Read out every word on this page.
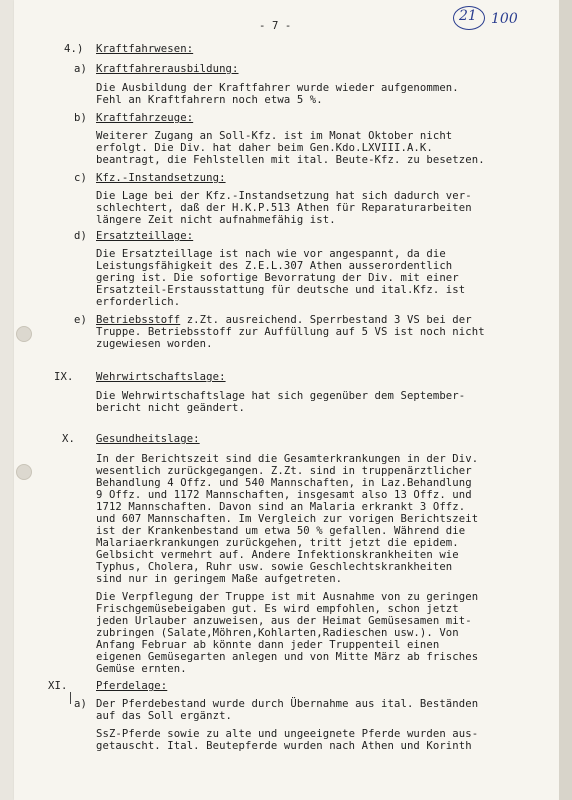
- 7 -
21 100
4.) Kraftfahrwesen:
a) Kraftfahrerausbildung:
Die Ausbildung der Kraftfahrer wurde wieder aufgenommen.
Fehl an Kraftfahrern noch etwa 5 %.
b) Kraftfahrzeuge:
Weiterer Zugang an Soll-Kfz. ist im Monat Oktober nicht
erfolgt. Die Div. hat daher beim Gen.Kdo.LXVIII.A.K.
beantragt, die Fehlstellen mit ital. Beute-Kfz. zu besetzen.
c) Kfz.-Instandsetzung:
Die Lage bei der Kfz.-Instandsetzung hat sich dadurch ver-
schlechtert, daß der H.K.P.513 Athen für Reparaturarbeiten
längere Zeit nicht aufnahmefähig ist.
d) Ersatzteillage:
Die Ersatzteillage ist nach wie vor angespannt, da die
Leistungsfähigkeit des Z.E.L.307 Athen ausserordentlich
gering ist. Die sofortige Bevorratung der Div. mit einer
Ersatzteil-Erstausstattung für deutsche und ital.Kfz. ist
erforderlich.
e) Betriebsstoff z.Zt. ausreichend. Sperrbestand 3 VS bei der
Truppe. Betriebsstoff zur Auffüllung auf 5 VS ist noch nicht
zugewiesen worden.
IX. Wehrwirtschaftslage:
Die Wehrwirtschaftslage hat sich gegenüber dem September-
bericht nicht geändert.
X. Gesundheitslage:
In der Berichtszeit sind die Gesamterkrankungen in der Div.
wesentlich zurückgegangen. Z.Zt. sind in truppenärztlicher
Behandlung 4 Offz. und 540 Mannschaften, in Laz.Behandlung
9 Offz. und 1172 Mannschaften, insgesamt also 13 Offz. und
1712 Mannschaften. Davon sind an Malaria erkrankt 3 Offz.
und 607 Mannschaften. Im Vergleich zur vorigen Berichtszeit
ist der Krankenbestand um etwa 50 % gefallen. Während die
Malariaerkrankungen zurückgehen, tritt jetzt die epidem.
Gelbsicht vermehrt auf. Andere Infektionskrankheiten wie
Typhus, Cholera, Ruhr usw. sowie Geschlechtskrankheiten
sind nur in geringem Maße aufgetreten.
Die Verpflegung der Truppe ist mit Ausnahme von zu geringen
Frischgemüsebeigaben gut. Es wird empfohlen, schon jetzt
jeden Urlauber anzuweisen, aus der Heimat Gemüsesamen mit-
zubringen (Salate,Möhren,Kohlarten,Radieschen usw.). Von
Anfang Februar ab könnte dann jeder Truppenteil einen
eigenen Gemüsegarten anlegen und von Mitte März ab frisches
Gemüse ernten.
XI.	Pferdelage:
a) Der Pferdebestand wurde durch Übernahme aus ital. Beständen
auf das Soll ergänzt.
SsZ-Pferde sowie zu alte und ungeeignete Pferde wurden aus-
getauscht. Ital. Beutepferde wurden nach Athen und Korinth
